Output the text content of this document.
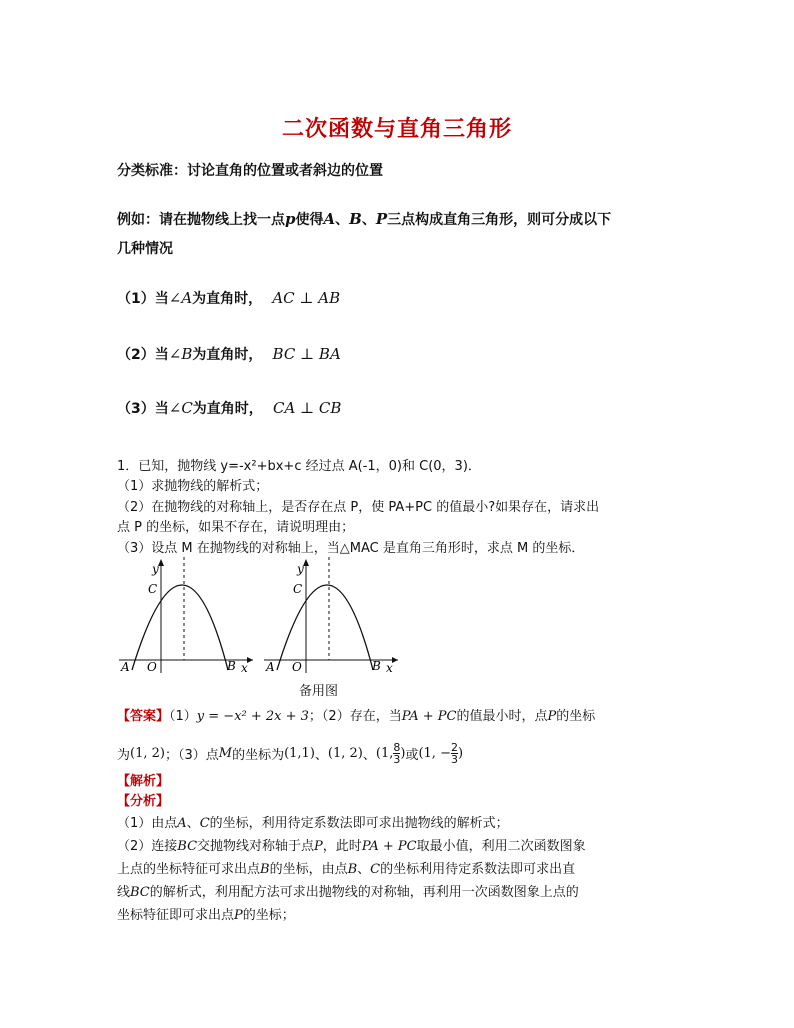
二次函数与直角三角形
分类标准：讨论直角的位置或者斜边的位置
例如：请在抛物线上找一点p使得A、B、P三点构成直角三角形，则可分成以下
几种情况
（1）当∠A为直角时， AC ⊥ AB
（2）当∠B为直角时， BC ⊥ BA
（3）当∠C为直角时， CA ⊥ CB
1．已知，抛物线 y=-x²+bx+c 经过点 A(-1，0)和 C(0，3)．
（1）求抛物线的解析式；
（2）在抛物线的对称轴上，是否存在点 P，使 PA+PC 的值最小?如果存在，请求出
点 P 的坐标，如果不存在，请说明理由；
（3）设点 M 在抛物线的对称轴上，当△MAC 是直角三角形时，求点 M 的坐标．
y
C
A O	B x
y
C
A O	B x
备用图
【答案】（1）y = −x² + 2x + 3；（2）存在，当PA + PC的值最小时，点P的坐标
为 (1, 2) ；（3）点 M 的坐标为 (1,1) 、 (1, 2) 、 (1, $\frac{8}{3}$ ) 或 (1, − $\frac{2}{3}$ )
【解析】
【分析】
（1）由点A、C的坐标，利用待定系数法即可求出抛物线的解析式；
（2）连接BC交抛物线对称轴于点P，此时PA + PC取最小值，利用二次函数图象
上点的坐标特征可求出点B的坐标，由点B、C的坐标利用待定系数法即可求出直
线BC的解析式，利用配方法可求出抛物线的对称轴，再利用一次函数图象上点的
坐标特征即可求出点P的坐标；
